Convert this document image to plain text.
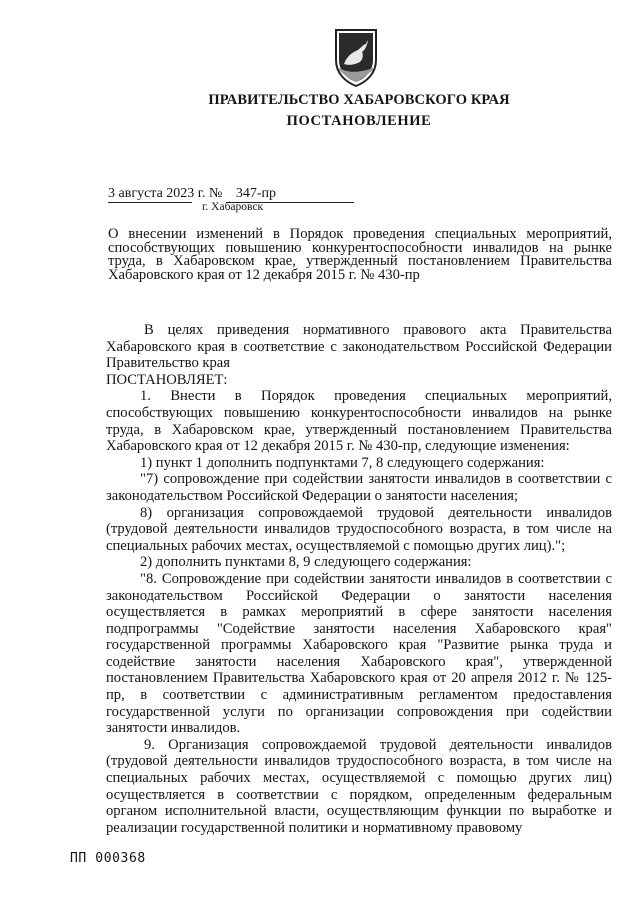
ПРАВИТЕЛЬСТВО ХАБАРОВСКОГО КРАЯ
ПОСТАНОВЛЕНИЕ
3 августа 2023 г. № 347-пр
г. Хабаровск
О внесении изменений в Порядок проведения специальных мероприятий, способствующих повышению конкурентоспособности инвалидов на рынке труда, в Хабаровском крае, утвержденный постановлением Правительства Хабаровского края от 12 декабря 2015 г. № 430-пр

В целях приведения нормативного правового акта Правительства Хабаровского края в соответствие с законодательством Российской Федерации Правительство края

ПОСТАНОВЛЯЕТ:

1. Внести в Порядок проведения специальных мероприятий, способствующих повышению конкурентоспособности инвалидов на рынке труда, в Хабаровском крае, утвержденный постановлением Правительства Хабаровского края от 12 декабря 2015 г. № 430-пр, следующие изменения:

1) пункт 1 дополнить подпунктами 7, 8 следующего содержания:

"7) сопровождение при содействии занятости инвалидов в соответствии с законодательством Российской Федерации о занятости населения;

8) организация сопровождаемой трудовой деятельности инвалидов (трудовой деятельности инвалидов трудоспособного возраста, в том числе на специальных рабочих местах, осуществляемой с помощью других лиц).";

2) дополнить пунктами 8, 9 следующего содержания:

"8. Сопровождение при содействии занятости инвалидов в соответствии с законодательством Российской Федерации о занятости населения осуществляется в рамках мероприятий в сфере занятости населения подпрограммы "Содействие занятости населения Хабаровского края" государственной программы Хабаровского края "Развитие рынка труда и содействие занятости населения Хабаровского края", утвержденной постановлением Правительства Хабаровского края от 20 апреля 2012 г. № 125-пр, в соответствии с административным регламентом предоставления государственной услуги по организации сопровождения при содействии занятости инвалидов.

9. Организация сопровождаемой трудовой деятельности инвалидов (трудовой деятельности инвалидов трудоспособного возраста, в том числе на специальных рабочих местах, осуществляемой с помощью других лиц) осуществляется в соответствии с порядком, определенным федеральным органом исполнительной власти, осуществляющим функции по выработке и реализации государственной политики и нормативному правовому

ПП 000368
